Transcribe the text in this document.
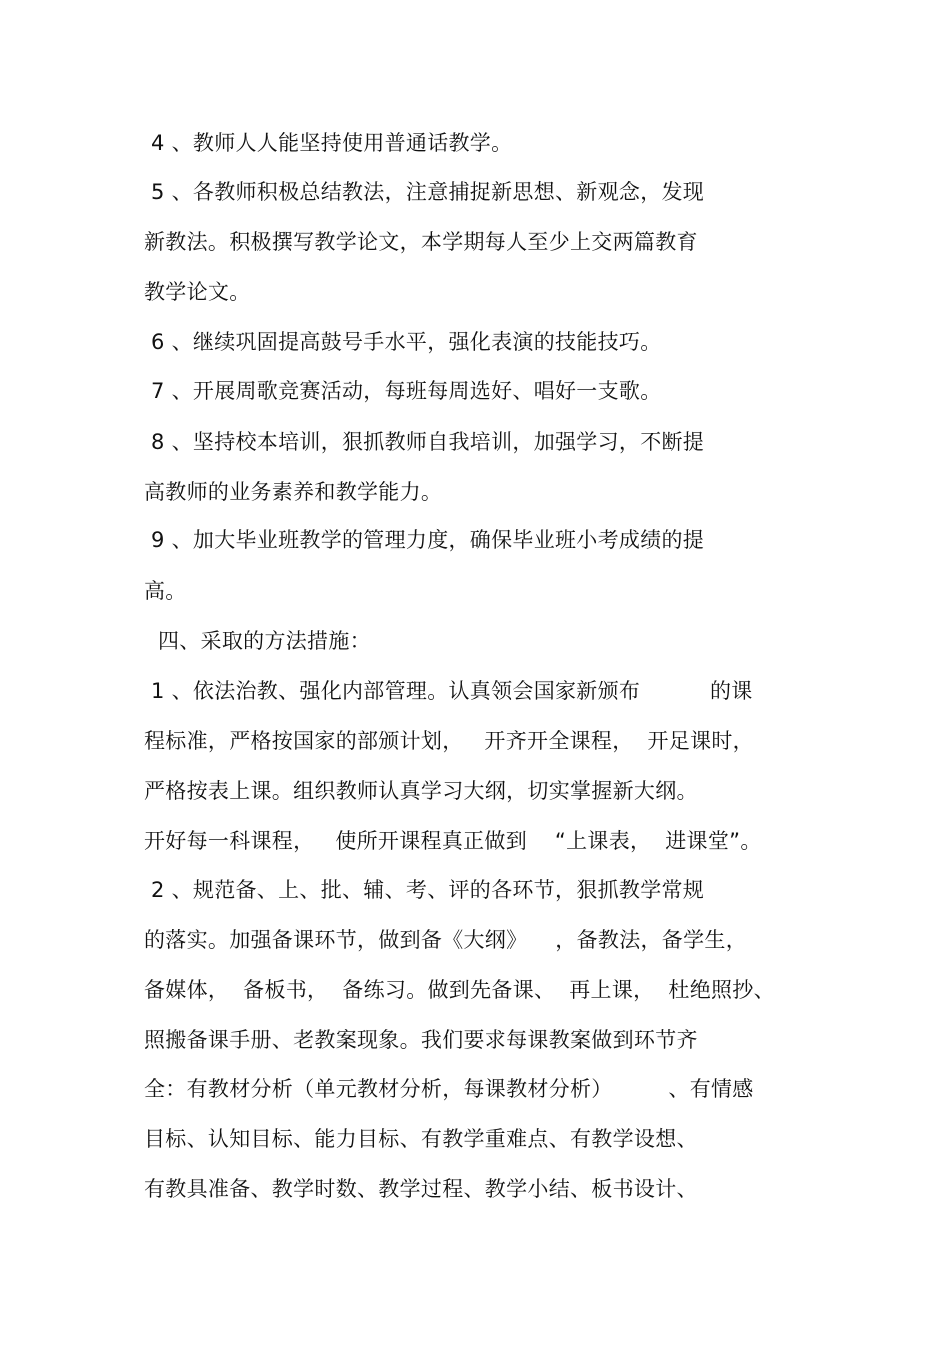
4 、教师人人能坚持使用普通话教学。
5 、各教师积极总结教法，注意捕捉新思想、新观念，发现
新教法。积极撰写教学论文，本学期每人至少上交两篇教育
教学论文。
6 、继续巩固提高鼓号手水平，强化表演的技能技巧。
7 、开展周歌竞赛活动，每班每周选好、唱好一支歌。
8 、坚持校本培训，狠抓教师自我培训，加强学习，不断提
高教师的业务素养和教学能力。
9 、加大毕业班教学的管理力度，确保毕业班小考成绩的提
高。
四、采取的方法措施：
1 、依法治教、强化内部管理。认真领会国家新颁布          的课
程标准，严格按国家的部颁计划，   开齐开全课程，  开足课时，
严格按表上课。组织教师认真学习大纲，切实掌握新大纲。
开好每一科课程，   使所开课程真正做到    “上课表，  进课堂”。
2 、规范备、上、批、辅、考、评的各环节，狠抓教学常规
的落实。加强备课环节，做到备《大纲》    ，备教法，备学生，
备媒体，  备板书，  备练习。做到先备课、  再上课，  杜绝照抄、
照搬备课手册、老教案现象。我们要求每课教案做到环节齐
全：有教材分析（单元教材分析，每课教材分析）        、有情感
目标、认知目标、能力目标、有教学重难点、有教学设想、
有教具准备、教学时数、教学过程、教学小结、板书设计、
